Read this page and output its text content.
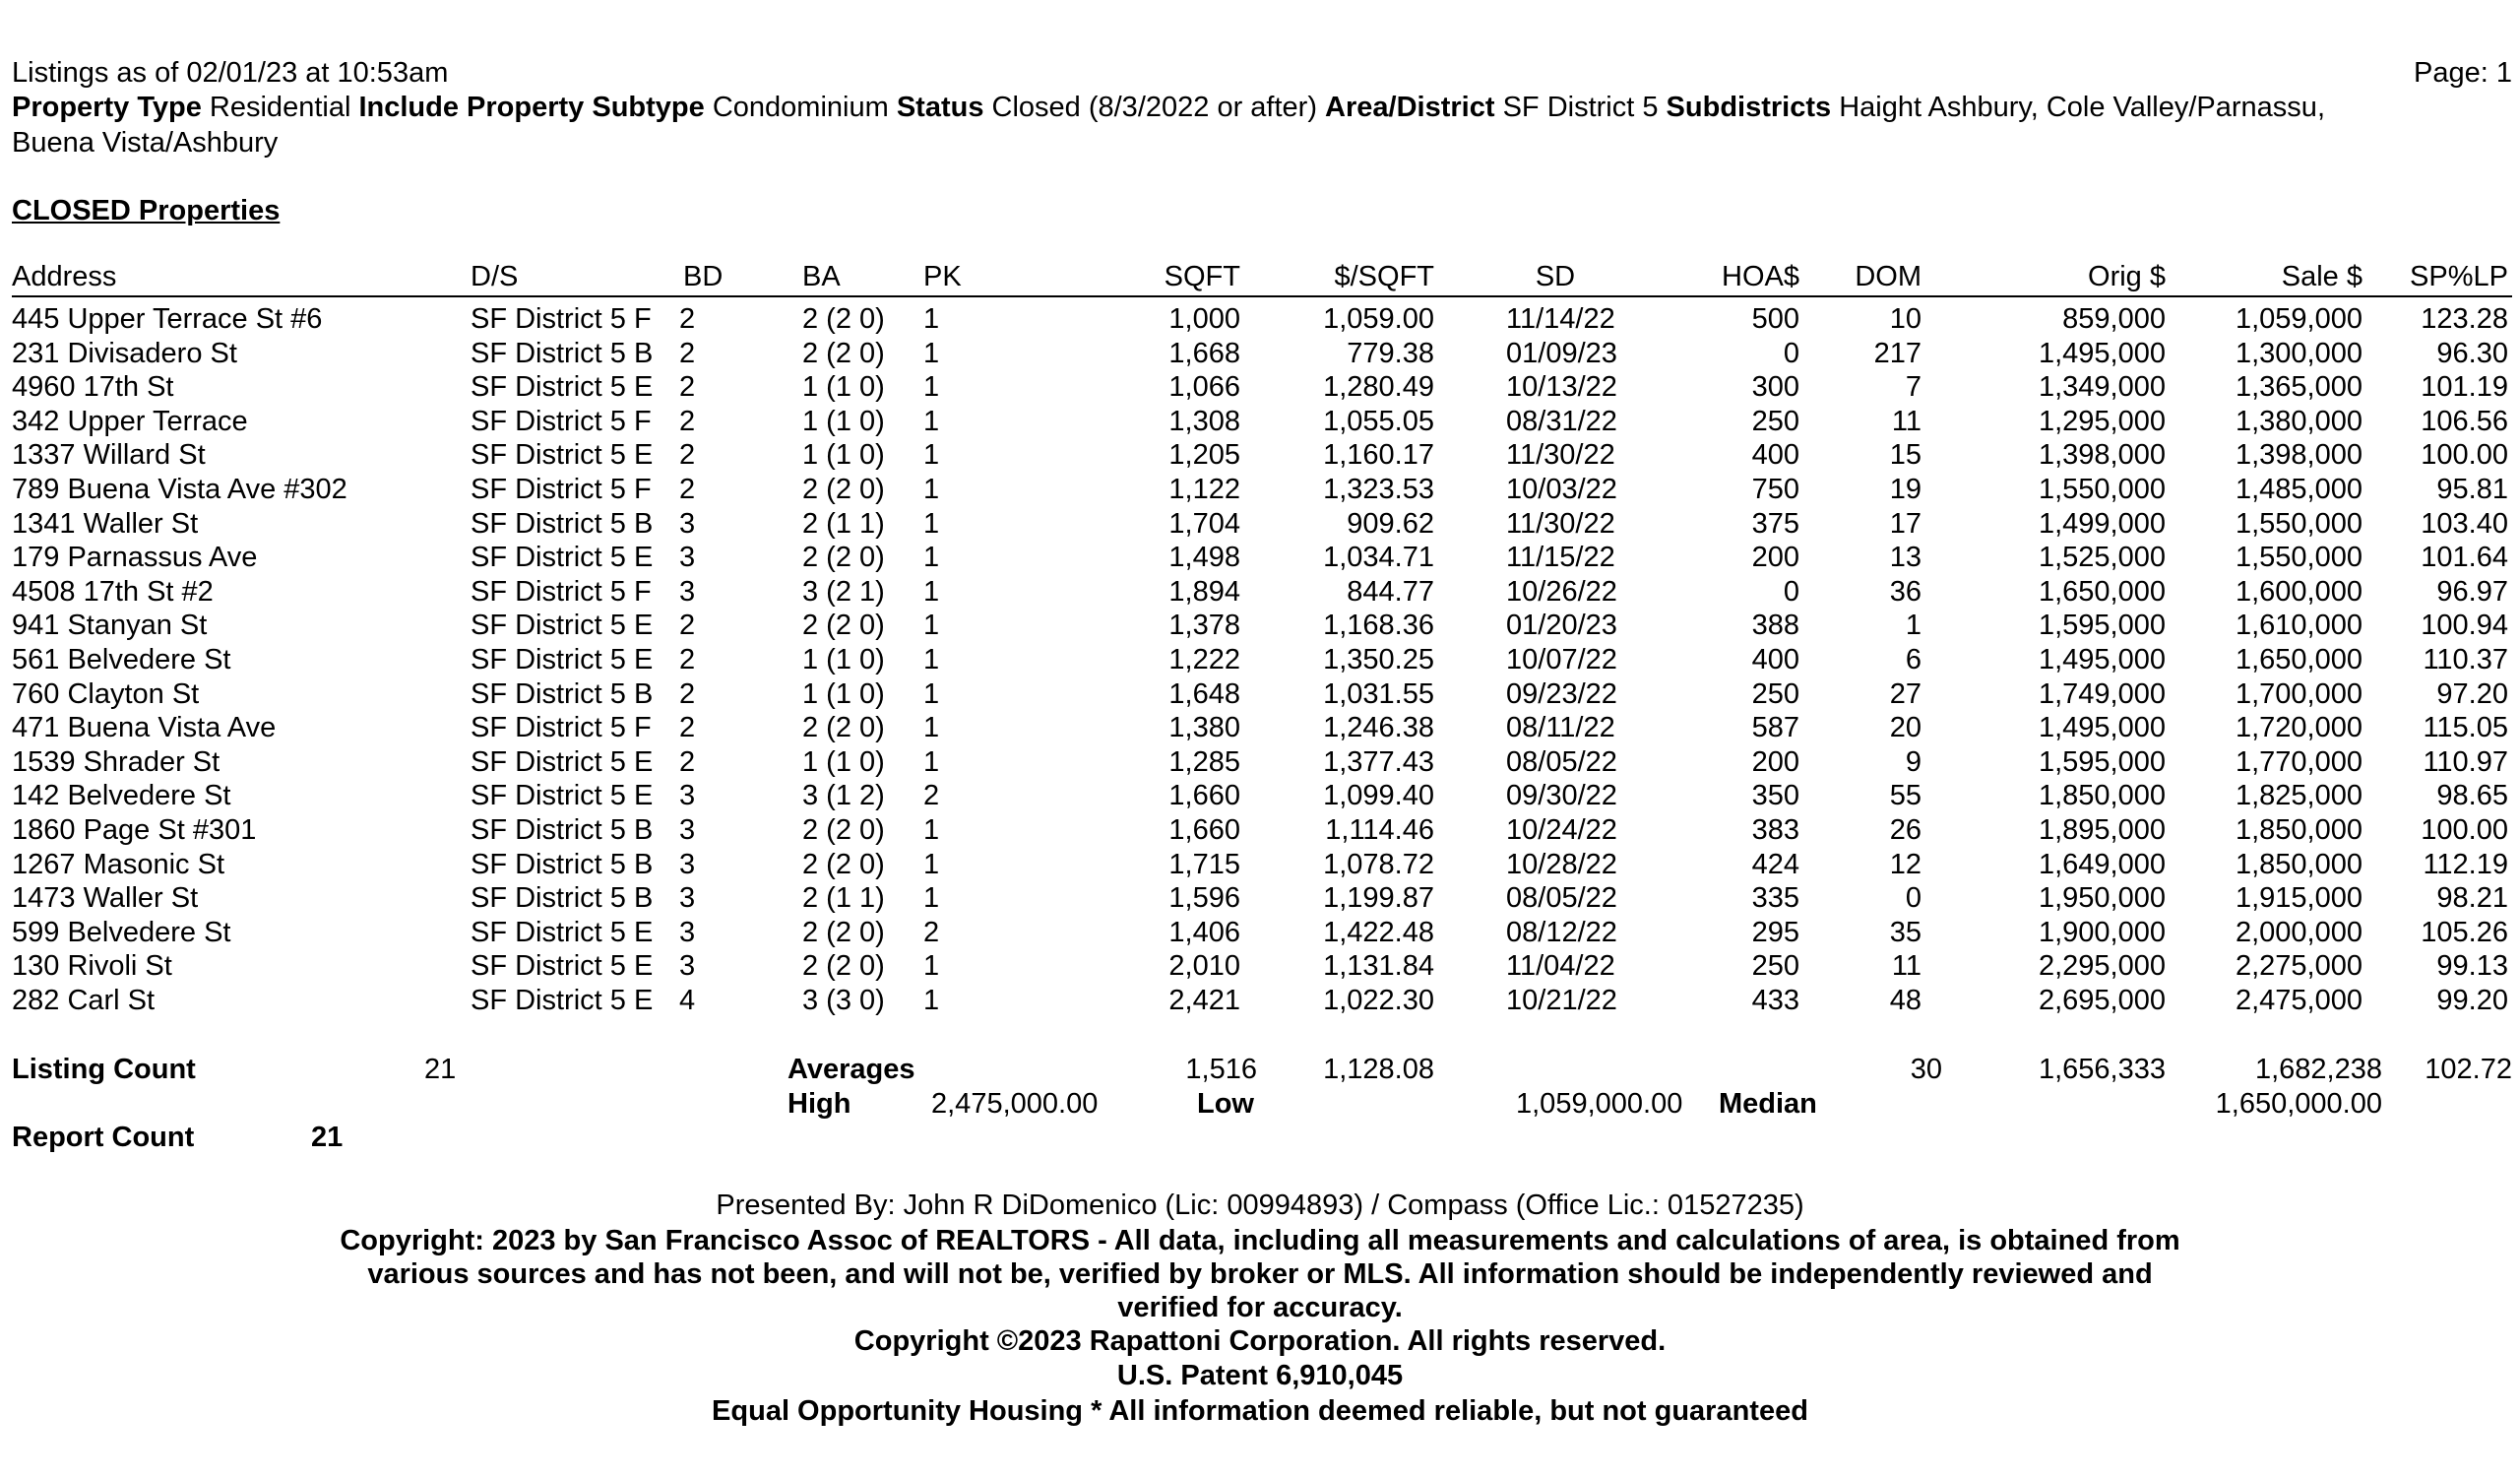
Listings as of 02/01/23 at 10:53am	Page: 1
Property Type Residential Include Property Subtype Condominium Status Closed (8/3/2022 or after) Area/District SF District 5 Subdistricts Haight Ashbury, Cole Valley/Parnassu,
Buena Vista/Ashbury
CLOSED Properties
Address	D/S	BD	BA	PK	SQFT	$/SQFT	SD	HOA$ DOM	Orig $	Sale $ SP%LP
445 Upper Terrace St #6	SF District 5 F 2	2 (2 0) 1	1,000	1,059.00	11/14/22	500	10	859,000 1,059,000 123.28
231 Divisadero St	SF District 5 B 2	2 (2 0) 1	1,668	779.38	01/09/23	0	217	1,495,000 1,300,000	96.30
4960 17th St	SF District 5 E 2	1 (1 0) 1	1,066	1,280.49	10/13/22	300	7	1,349,000 1,365,000 101.19
342 Upper Terrace	SF District 5 F 2	1 (1 0) 1	1,308	1,055.05	08/31/22	250	11	1,295,000 1,380,000 106.56
1337 Willard St	SF District 5 E 2	1 (1 0) 1	1,205	1,160.17	11/30/22	400	15	1,398,000 1,398,000 100.00
789 Buena Vista Ave #302	SF District 5 F 2	2 (2 0) 1	1,122	1,323.53	10/03/22	750	19	1,550,000 1,485,000	95.81
1341 Waller St	SF District 5 B 3	2 (1 1) 1	1,704	909.62	11/30/22	375	17	1,499,000 1,550,000 103.40
179 Parnassus Ave	SF District 5 E 3	2 (2 0) 1	1,498	1,034.71	11/15/22	200	13	1,525,000 1,550,000 101.64
4508 17th St #2	SF District 5 F 3	3 (2 1) 1	1,894	844.77	10/26/22	0	36	1,650,000 1,600,000	96.97
941 Stanyan St	SF District 5 E 2	2 (2 0) 1	1,378	1,168.36	01/20/23	388	1	1,595,000 1,610,000 100.94
561 Belvedere St	SF District 5 E 2	1 (1 0) 1	1,222	1,350.25	10/07/22	400	6	1,495,000 1,650,000 110.37
760 Clayton St	SF District 5 B 2	1 (1 0) 1	1,648	1,031.55	09/23/22	250	27	1,749,000 1,700,000	97.20
471 Buena Vista Ave	SF District 5 F 2	2 (2 0) 1	1,380	1,246.38	08/11/22	587	20	1,495,000 1,720,000 115.05
1539 Shrader St	SF District 5 E 2	1 (1 0) 1	1,285	1,377.43	08/05/22	200	9	1,595,000 1,770,000 110.97
142 Belvedere St	SF District 5 E 3	3 (1 2) 2	1,660	1,099.40	09/30/22	350	55	1,850,000 1,825,000	98.65
1860 Page St #301	SF District 5 B 3	2 (2 0) 1	1,660	1,114.46	10/24/22	383	26	1,895,000 1,850,000 100.00
1267 Masonic St	SF District 5 B 3	2 (2 0) 1	1,715	1,078.72	10/28/22	424	12	1,649,000 1,850,000 112.19
1473 Waller St	SF District 5 B 3	2 (1 1) 1	1,596	1,199.87	08/05/22	335	0	1,950,000 1,915,000	98.21
599 Belvedere St	SF District 5 E 3	2 (2 0) 2	1,406	1,422.48	08/12/22	295	35	1,900,000 2,000,000 105.26
130 Rivoli St	SF District 5 E 3	2 (2 0) 1	2,010	1,131.84	11/04/22	250	11	2,295,000 2,275,000	99.13
282 Carl St	SF District 5 E 4	3 (3 0) 1	2,421	1,022.30	10/21/22	433	48	2,695,000 2,475,000	99.20
Listing Count	21	Averages	1,516 1,128.08	30	1,656,333	1,682,238 102.72
High	2,475,000.00	Low	1,059,000.00 Median	1,650,000.00
Report Count	21
Presented By: John R DiDomenico (Lic: 00994893) / Compass (Office Lic.: 01527235)
Copyright: 2023 by San Francisco Assoc of REALTORS - All data, including all measurements and calculations of area, is obtained from
various sources and has not been, and will not be, verified by broker or MLS. All information should be independently reviewed and
verified for accuracy.
Copyright ©2023 Rapattoni Corporation. All rights reserved.
U.S. Patent 6,910,045
Equal Opportunity Housing * All information deemed reliable, but not guaranteed
